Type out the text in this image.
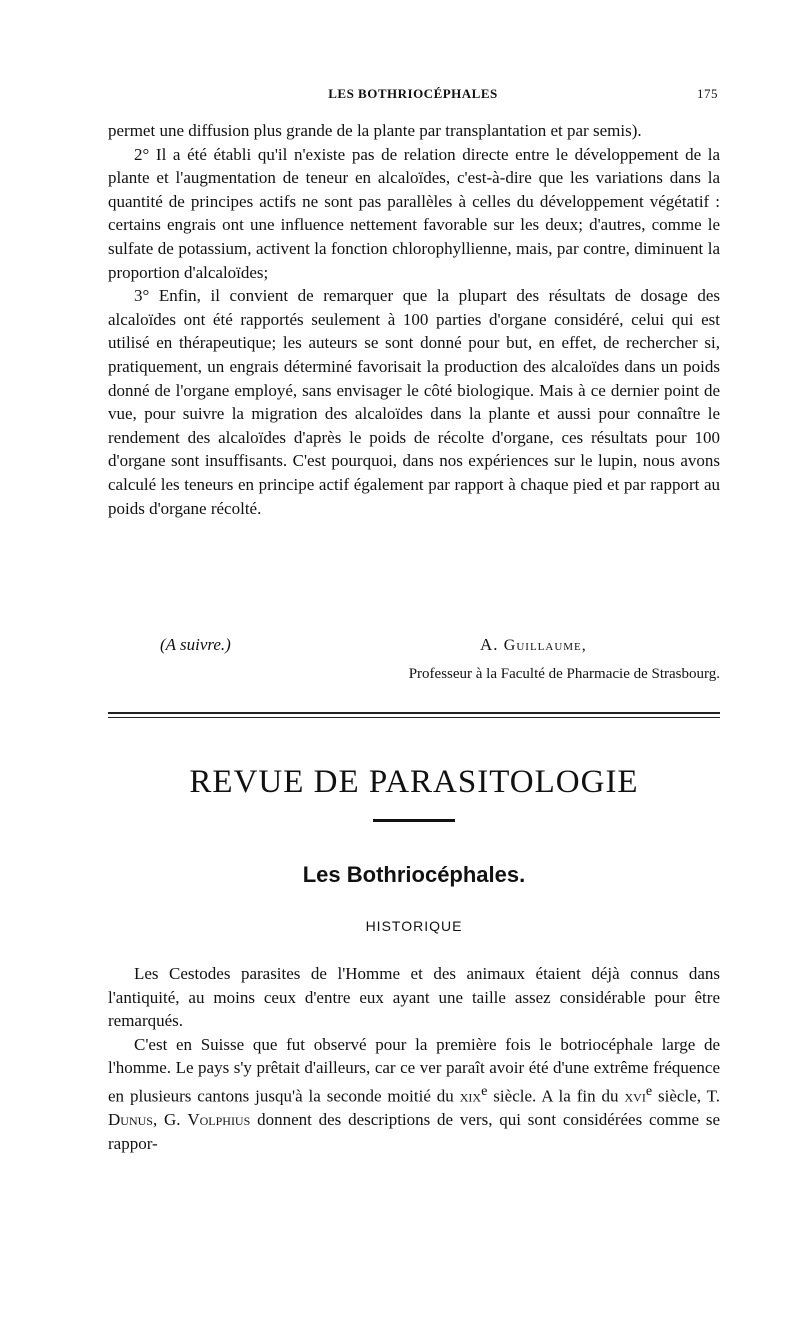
LES BOTHRIOCÉPHALES	175

permet une diffusion plus grande de la plante par transplantation et par semis).

2° Il a été établi qu'il n'existe pas de relation directe entre le développement de la plante et l'augmentation de teneur en alcaloïdes, c'est-à-dire que les variations dans la quantité de principes actifs ne sont pas parallèles à celles du développement végétatif : certains engrais ont une influence nettement favorable sur les deux; d'autres, comme le sulfate de potassium, activent la fonction chlorophyllienne, mais, par contre, diminuent la proportion d'alcaloïdes;

3° Enfin, il convient de remarquer que la plupart des résultats de dosage des alcaloïdes ont été rapportés seulement à 100 parties d'organe considéré, celui qui est utilisé en thérapeutique; les auteurs se sont donné pour but, en effet, de rechercher si, pratiquement, un engrais déterminé favorisait la production des alcaloïdes dans un poids donné de l'organe employé, sans envisager le côté biologique. Mais à ce dernier point de vue, pour suivre la migration des alcaloïdes dans la plante et aussi pour connaître le rendement des alcaloïdes d'après le poids de récolte d'organe, ces résultats pour 100 d'organe sont insuffisants. C'est pourquoi, dans nos expériences sur le lupin, nous avons calculé les teneurs en principe actif également par rapport à chaque pied et par rapport au poids d'organe récolté.

(A suivre.)	A. Guillaume,
Professeur à la Faculté de Pharmacie de Strasbourg.
REVUE DE PARASITOLOGIE
Les Bothriocéphales.
HISTORIQUE

Les Cestodes parasites de l'Homme et des animaux étaient déjà connus dans l'antiquité, au moins ceux d'entre eux ayant une taille assez considérable pour être remarqués.

C'est en Suisse que fut observé pour la première fois le botriocéphale large de l'homme. Le pays s'y prêtait d'ailleurs, car ce ver paraît avoir été d'une extrême fréquence en plusieurs cantons jusqu'à la seconde moitié du xix$^e$ siècle. A la fin du xvi$^e$ siècle, T. Dunus, G. Volphius donnent des descriptions de vers, qui sont considérées comme se rappor-
